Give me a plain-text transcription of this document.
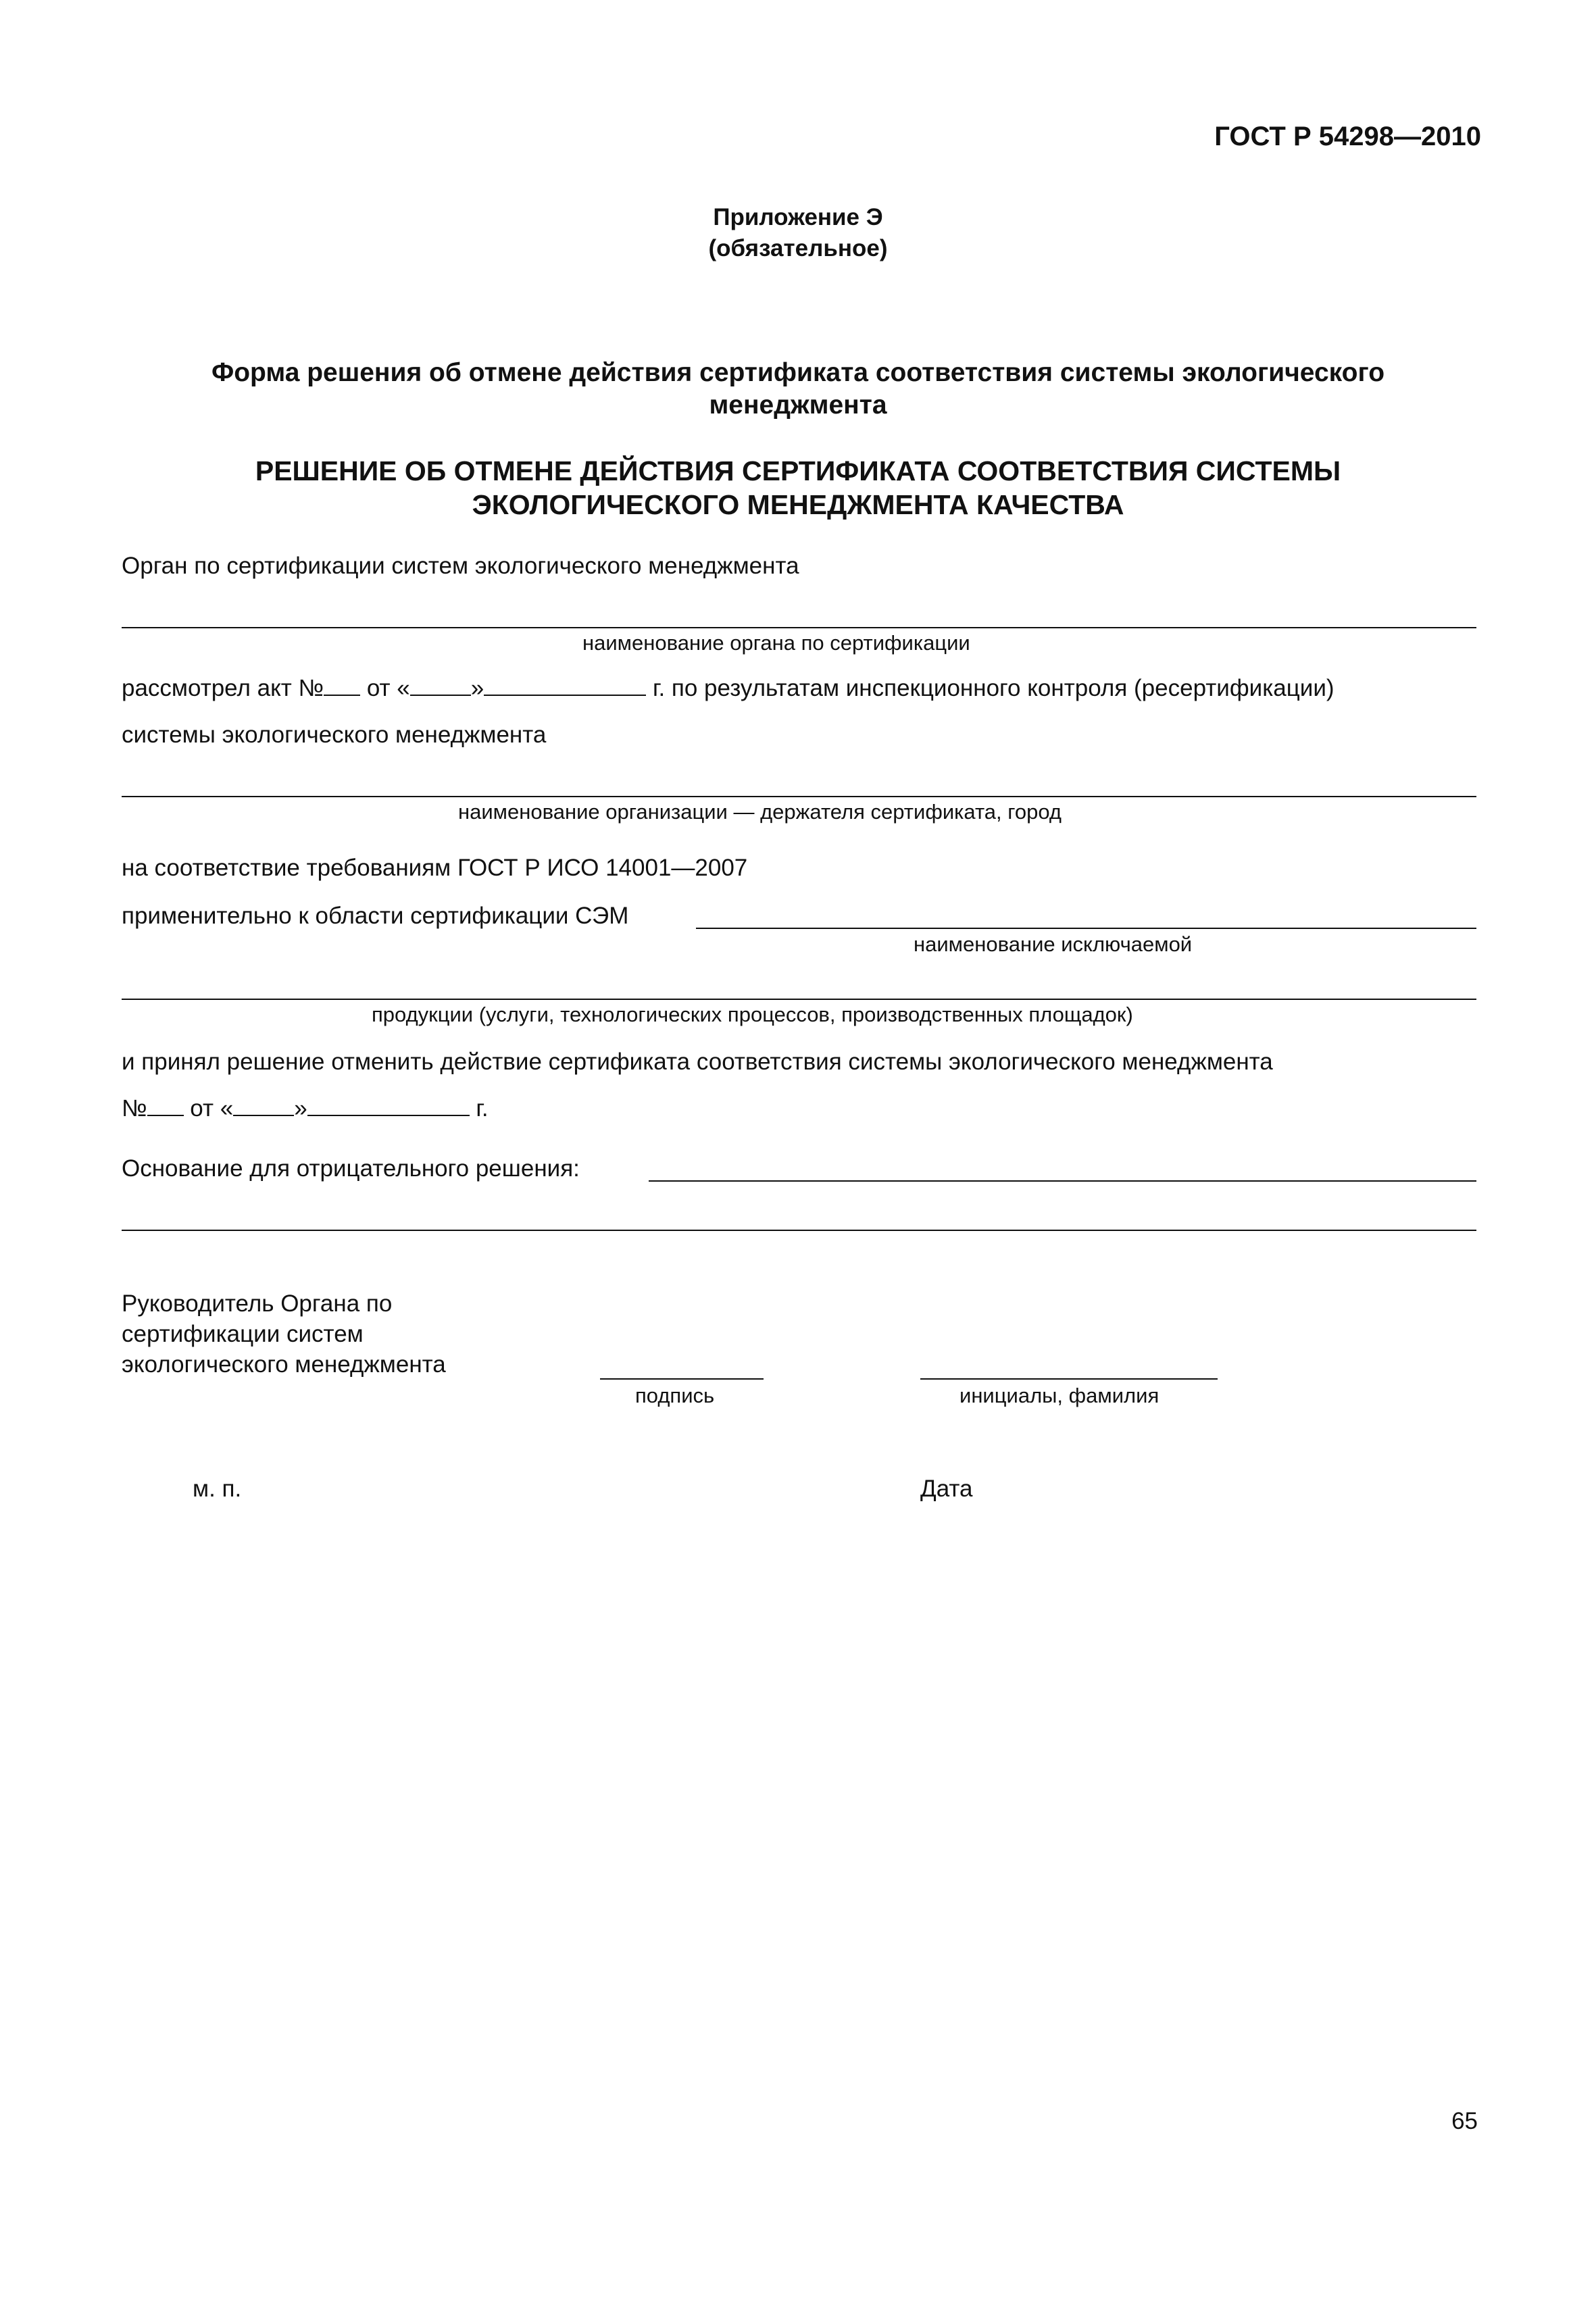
ГОСТ Р 54298—2010
Приложение Э
(обязательное)
Форма решения об отмене действия сертификата соответствия системы экологического
менеджмента
РЕШЕНИЕ ОБ ОТМЕНЕ ДЕЙСТВИЯ СЕРТИФИКАТА СООТВЕТСТВИЯ СИСТЕМЫ
ЭКОЛОГИЧЕСКОГО МЕНЕДЖМЕНТА КАЧЕСТВА
Орган по сертификации систем экологического менеджмента
наименование органа по сертификации
рассмотрел акт № от «	»	г. по результатам инспекционного контроля (ресертификации)
системы экологического менеджмента
наименование организации — держателя сертификата, город
на соответствие требованиям ГОСТ Р ИСО 14001—2007
применительно к области сертификации СЭМ
наименование исключаемой
продукции (услуги, технологических процессов, производственных площадок)
и принял решение отменить действие сертификата соответствия системы экологического менеджмента
№ от «	»	г.
Основание для отрицательного решения:
Руководитель Органа по
сертификации систем
экологического менеджмента
подпись	инициалы, фамилия
м. п.	Дата
65
